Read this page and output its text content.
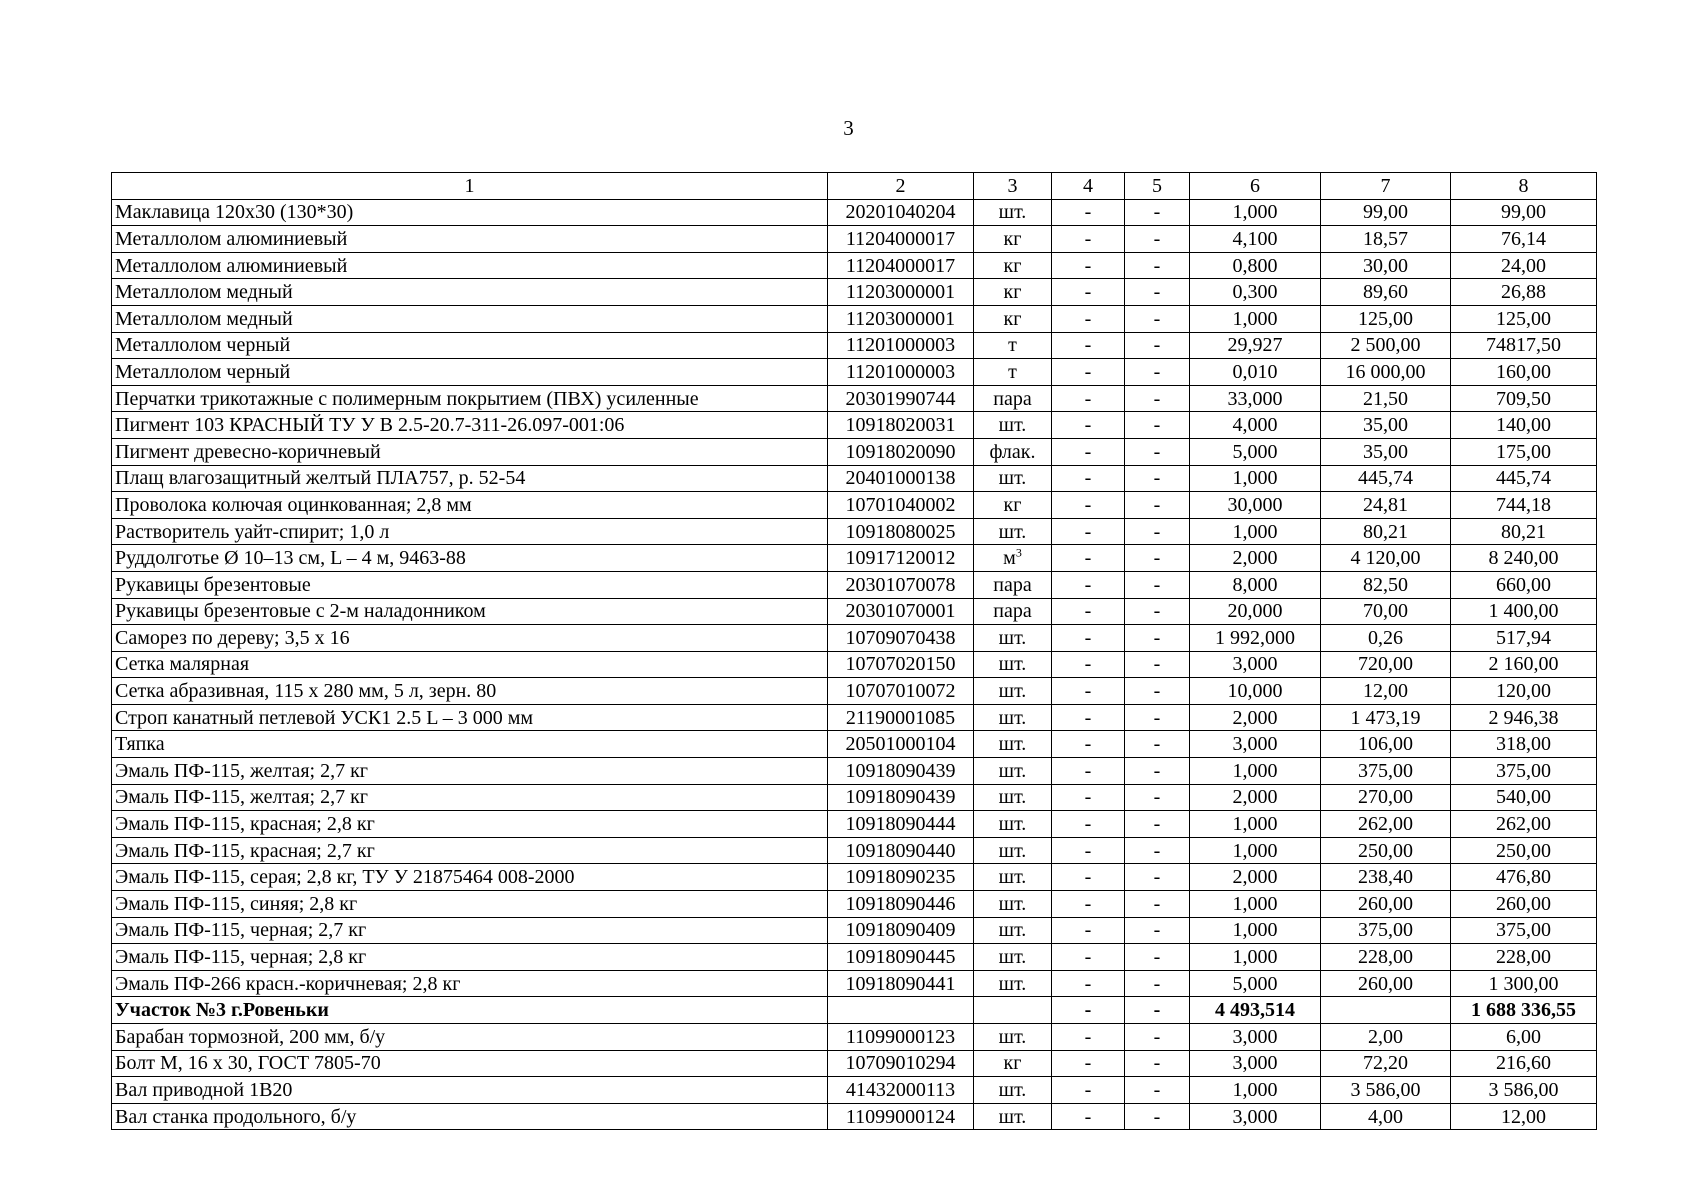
3
1	2	3	4	5	6	7	8
Маклавица 120х30 (130*30)	20201040204	шт.	-	-	1,000	99,00	99,00
Металлолом алюминиевый	11204000017	кг	-	-	4,100	18,57	76,14
Металлолом алюминиевый	11204000017	кг	-	-	0,800	30,00	24,00
Металлолом медный	11203000001	кг	-	-	0,300	89,60	26,88
Металлолом медный	11203000001	кг	-	-	1,000	125,00	125,00
Металлолом черный	11201000003	т	-	-	29,927	2 500,00	74817,50
Металлолом черный	11201000003	т	-	-	0,010	16 000,00	160,00
Перчатки трикотажные с полимерным покрытием (ПВХ) усиленные	20301990744	пара	-	-	33,000	21,50	709,50
Пигмент 103 КРАСНЫЙ ТУ У В 2.5-20.7-311-26.097-001:06	10918020031	шт.	-	-	4,000	35,00	140,00
Пигмент древесно-коричневый	10918020090	флак.	-	-	5,000	35,00	175,00
Плащ влагозащитный желтый ПЛА757, р. 52-54	20401000138	шт.	-	-	1,000	445,74	445,74
Проволока колючая оцинкованная; 2,8 мм	10701040002	кг	-	-	30,000	24,81	744,18
Растворитель уайт-спирит; 1,0 л	10918080025	шт.	-	-	1,000	80,21	80,21
Руддолготье Ø 10–13 см, L – 4 м, 9463-88	10917120012	$м^3$	-	-	2,000	4 120,00	8 240,00
Рукавицы брезентовые	20301070078	пара	-	-	8,000	82,50	660,00
Рукавицы брезентовые с 2-м наладонником	20301070001	пара	-	-	20,000	70,00	1 400,00
Саморез по дереву; 3,5 х 16	10709070438	шт.	-	-	1 992,000	0,26	517,94
Сетка малярная	10707020150	шт.	-	-	3,000	720,00	2 160,00
Сетка абразивная, 115 х 280 мм, 5 л, зерн. 80	10707010072	шт.	-	-	10,000	12,00	120,00
Строп канатный петлевой УСК1 2.5 L – 3 000 мм	21190001085	шт.	-	-	2,000	1 473,19	2 946,38
Тяпка	20501000104	шт.	-	-	3,000	106,00	318,00
Эмаль ПФ-115, желтая; 2,7 кг	10918090439	шт.	-	-	1,000	375,00	375,00
Эмаль ПФ-115, желтая; 2,7 кг	10918090439	шт.	-	-	2,000	270,00	540,00
Эмаль ПФ-115, красная; 2,8 кг	10918090444	шт.	-	-	1,000	262,00	262,00
Эмаль ПФ-115, красная; 2,7 кг	10918090440	шт.	-	-	1,000	250,00	250,00
Эмаль ПФ-115, серая; 2,8 кг, ТУ У 21875464 008-2000	10918090235	шт.	-	-	2,000	238,40	476,80
Эмаль ПФ-115, синяя; 2,8 кг	10918090446	шт.	-	-	1,000	260,00	260,00
Эмаль ПФ-115, черная; 2,7 кг	10918090409	шт.	-	-	1,000	375,00	375,00
Эмаль ПФ-115, черная; 2,8 кг	10918090445	шт.	-	-	1,000	228,00	228,00
Эмаль ПФ-266 красн.-коричневая; 2,8 кг	10918090441	шт.	-	-	5,000	260,00	1 300,00
Участок №3 г.Ровеньки			-	-	4 493,514		1 688 336,55
Барабан тормозной, 200 мм, б/у	11099000123	шт.	-	-	3,000	2,00	6,00
Болт М, 16 х 30, ГОСТ 7805-70	10709010294	кг	-	-	3,000	72,20	216,60
Вал приводной 1В20	41432000113	шт.	-	-	1,000	3 586,00	3 586,00
Вал станка продольного, б/у	11099000124	шт.	-	-	3,000	4,00	12,00
